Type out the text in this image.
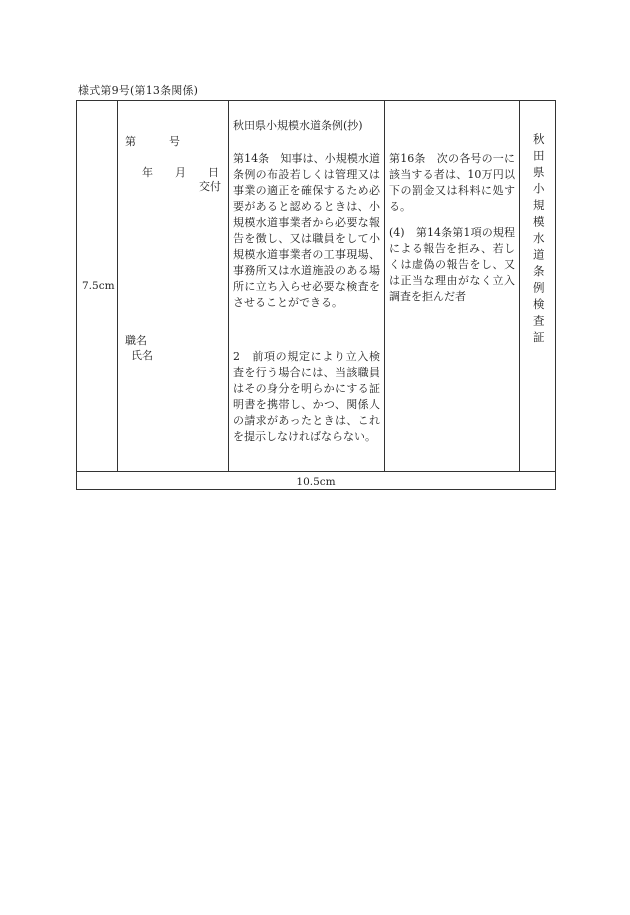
様式第9号(第13条関係)
7.5cm
第　　　号
年　　月　　日
交付
職名
氏名
秋田県小規模水道条例(抄)
第14条　知事は、小規模水道条例の布設若しくは管理又は事業の適正を確保するため必要があると認めるときは、小規模水道事業者から必要な報告を徴し、又は職員をして小規模水道事業者の工事現場、事務所又は水道施設のある場所に立ち入らせ必要な検査をさせることができる。
2　前項の規定により立入検査を行う場合には、当該職員はその身分を明らかにする証明書を携帯し、かつ、関係人の請求があったときは、これを提示しなければならない。
第16条　次の各号の一に該当する者は、10万円以下の罰金又は科料に処する。
(4)　第14条第1項の規程による報告を拒み、若しくは虚偽の報告をし、又は正当な理由がなく立入調査を拒んだ者	秋田県小規模水道条例検査証
10.5cm
